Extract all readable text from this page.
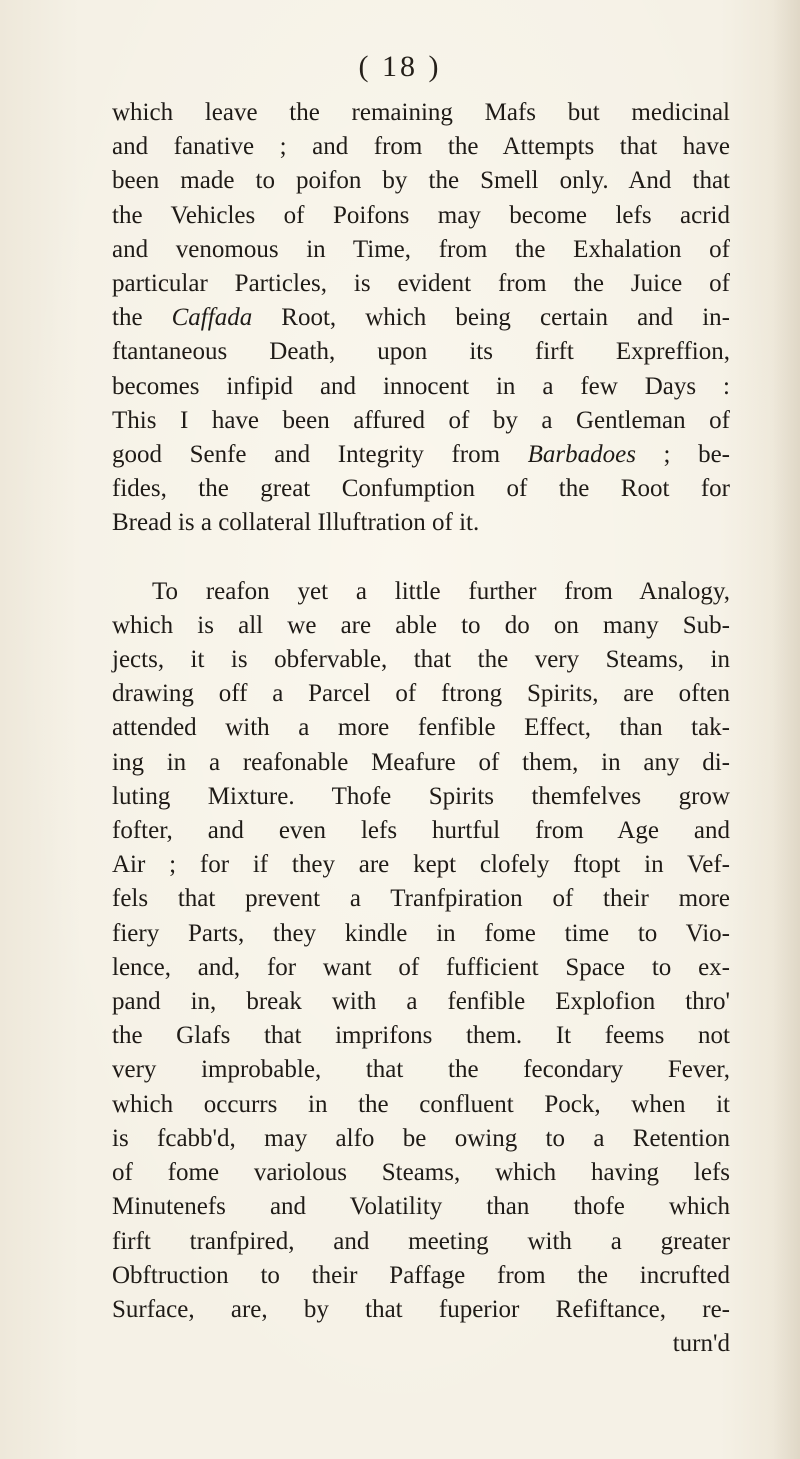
( 18 )
which leave the remaining Mafs but medicinal
and fanative ; and from the Attempts that have
been made to poifon by the Smell only. And that
the Vehicles of Poifons may become lefs acrid
and venomous in Time, from the Exhalation of
particular Particles, is evident from the Juice of
the Caffada Root, which being certain and in-
ftantaneous Death, upon its firft Expreffion,
becomes infipid and innocent in a few Days :
This I have been affured of by a Gentleman of
good Senfe and Integrity from Barbadoes ; be-
fides, the great Confumption of the Root for
Bread is a collateral Illuftration of it.
To reafon yet a little further from Analogy,
which is all we are able to do on many Sub-
jects, it is obfervable, that the very Steams, in
drawing off a Parcel of ftrong Spirits, are often
attended with a more fenfible Effect, than tak-
ing in a reafonable Meafure of them, in any di-
luting Mixture. Thofe Spirits themfelves grow
fofter, and even lefs hurtful from Age and
Air ; for if they are kept clofely ftopt in Vef-
fels that prevent a Tranfpiration of their more
fiery Parts, they kindle in fome time to Vio-
lence, and, for want of fufficient Space to ex-
pand in, break with a fenfible Explofion thro'
the Glafs that imprifons them. It feems not
very improbable, that the fecondary Fever,
which occurrs in the confluent Pock, when it
is fcabb'd, may alfo be owing to a Retention
of fome variolous Steams, which having lefs
Minutenefs and Volatility than thofe which
firft tranfpired, and meeting with a greater
Obftruction to their Paffage from the incrufted
Surface, are, by that fuperior Refiftance, re-
turn'd
